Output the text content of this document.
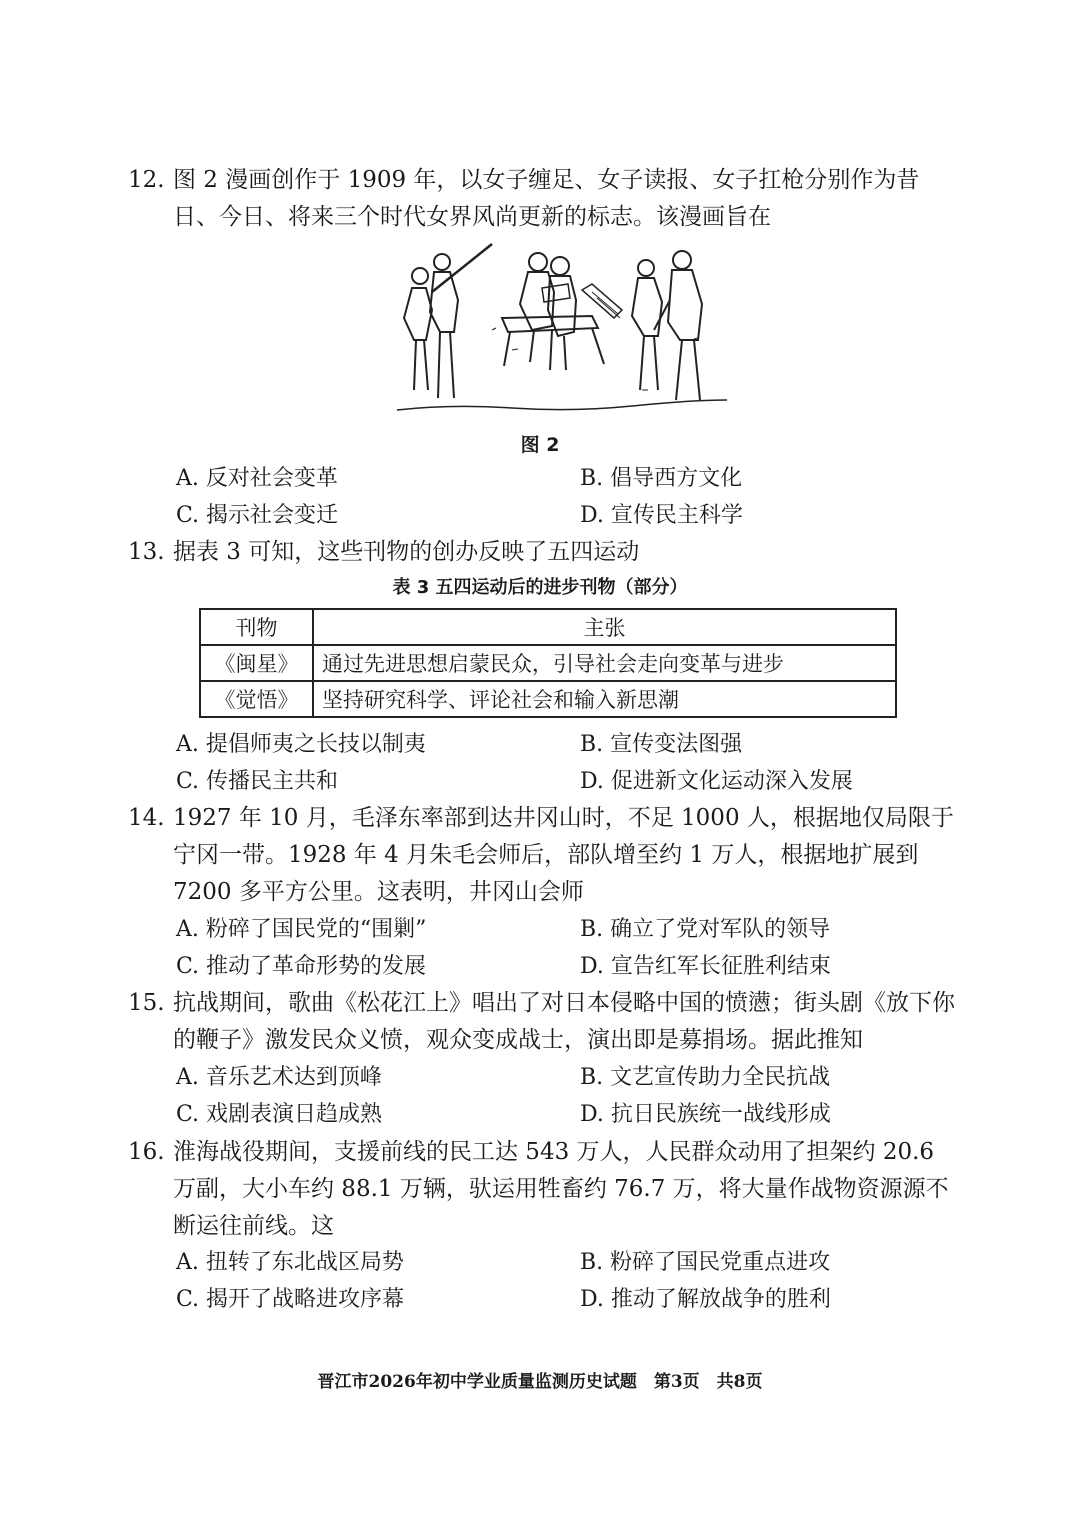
12. 图 2 漫画创作于 1909 年，以女子缠足、女子读报、女子扛枪分别作为昔日、今日、将来三个时代女界风尚更新的标志。该漫画旨在
图 2
A. 反对社会变革	B. 倡导西方文化
C. 揭示社会变迁	D. 宣传民主科学
13. 据表 3 可知，这些刊物的创办反映了五四运动
表 3 五四运动后的进步刊物（部分）
刊物	主张
《闽星》	通过先进思想启蒙民众，引导社会走向变革与进步
《觉悟》	坚持研究科学、评论社会和输入新思潮
A. 提倡师夷之长技以制夷	B. 宣传变法图强
C. 传播民主共和	D. 促进新文化运动深入发展
14. 1927 年 10 月，毛泽东率部到达井冈山时，不足 1000 人，根据地仅局限于宁冈一带。1928 年 4 月朱毛会师后，部队增至约 1 万人，根据地扩展到 7200 多平方公里。这表明，井冈山会师
A. 粉碎了国民党的“围剿”	B. 确立了党对军队的领导
C. 推动了革命形势的发展	D. 宣告红军长征胜利结束
15. 抗战期间，歌曲《松花江上》唱出了对日本侵略中国的愤懑；街头剧《放下你的鞭子》激发民众义愤，观众变成战士，演出即是募捐场。据此推知
A. 音乐艺术达到顶峰	B. 文艺宣传助力全民抗战
C. 戏剧表演日趋成熟	D. 抗日民族统一战线形成
16. 淮海战役期间，支援前线的民工达 543 万人，人民群众动用了担架约 20.6 万副，大小车约 88.1 万辆，驮运用牲畜约 76.7 万，将大量作战物资源源不断运往前线。这
A. 扭转了东北战区局势	B. 粉碎了国民党重点进攻
C. 揭开了战略进攻序幕	D. 推动了解放战争的胜利
晋江市2026年初中学业质量监测历史试题　第3页　共8页
